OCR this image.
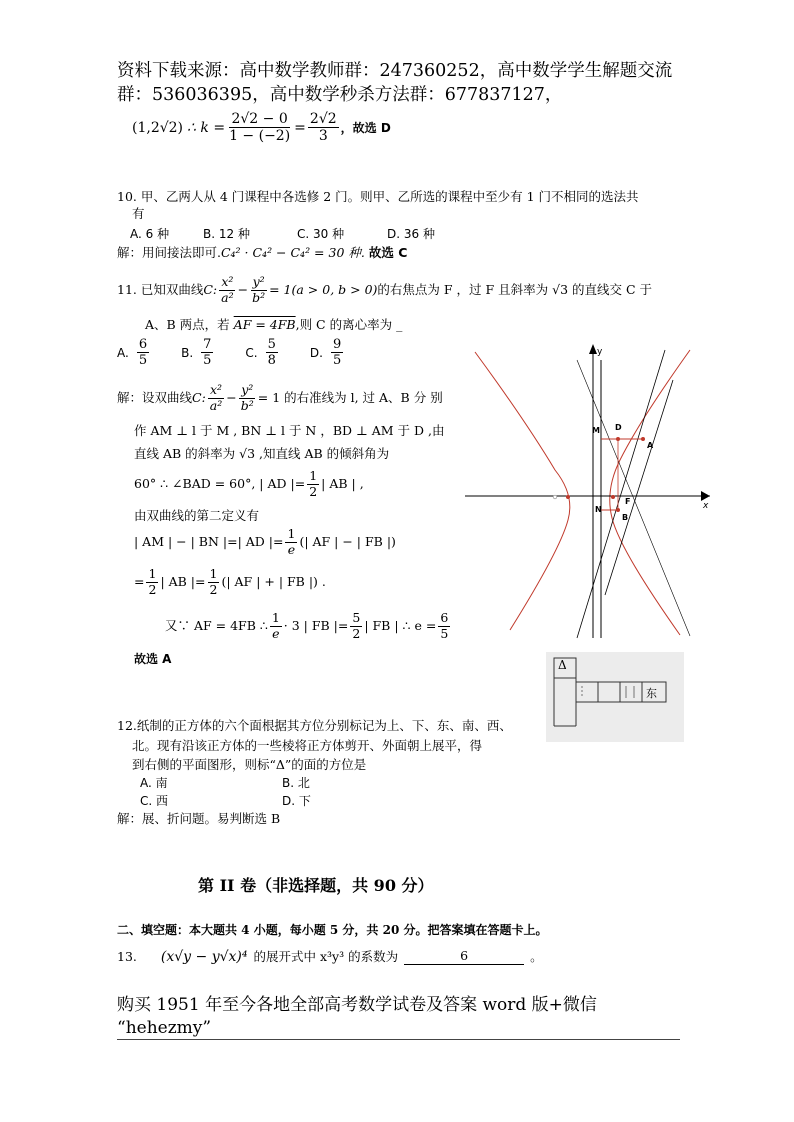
资料下载来源：高中数学教师群：247360252，高中数学学生解题交流
群：536036395，高中数学秒杀方法群：677837127，
(1,2√2) ∴ $k = \frac{2√2 - 0}{1 - (-2)} = \frac{2√2}{3}$ ，故选 D
10. 甲、乙两人从 4 门课程中各选修 2 门。则甲、乙所选的课程中至少有 1 门不相同的选法共
有
A. 6 种	B. 12 种	C. 30 种	D. 36 种
解：用间接法即可.C₄² · C₄² − C₄² = 30 种. 故选 C
11. 已知双曲线 C: $\frac{\text{x²}}{\text{a²}} - \frac{\text{y²}}{\text{b²}} = 1(a > 0$, b > 0) 的右焦点为 F ，过 F 且斜率为 √3 的直线交 C 于
A、B 两点，若 AF = 4FB,则 C 的离心率为 _
A. $\frac{6}{5}$	B. $\frac{7}{5}$	C. $\frac{5}{8}$	D. $\frac{9}{5}$
解：设双曲线 C: $\frac{\text{x²}}{\text{a²}} - \frac{\text{y²}}{\text{b²}} = 1$ 的右准线为 l, 过 A、B 分 别
作 AM ⊥ l 于 M , BN ⊥ l 于 N ，BD ⊥ AM 于 D ,由
直线 AB 的斜率为 √3 ,知直线 AB 的倾斜角为
60° ∴ ∠BAD = 60°, | AD |= $\frac{1}{2}$ | AB | ,
由双曲线的第二定义有
| AM | − | BN |=| AD |= $\frac{1}{e}$ (| AF | − | FB |)
= $\frac{1}{2}$ | AB |= $\frac{1}{2}$ (| AF | + | FB |) .
又∵ AF = 4FB ∴ $\frac{1}{e} \cdot 3$ | FB |= $\frac{5}{2}$ | FB | ∴ $e = \frac{6}{5}$
故选 A
y
x
M D
A
N
F
B
Δ
东
12.纸制的正方体的六个面根据其方位分别标记为上、下、东、南、西、
北。现有沿该正方体的一些棱将正方体剪开、外面朝上展平，得
到右侧的平面图形，则标“Δ”的面的方位是
A. 南	B. 北
C. 西	D. 下
解：展、折问题。易判断选 B
第 II 卷（非选择题，共 90 分）
二、填空题：本大题共 4 小题，每小题 5 分，共 20 分。把答案填在答题卡上。
13. (x√y − y√x)⁴ 的展开式中 x³y³ 的系数为	6	。
购买 1951 年至今各地全部高考数学试卷及答案 word 版+微信
“hehezmy”
